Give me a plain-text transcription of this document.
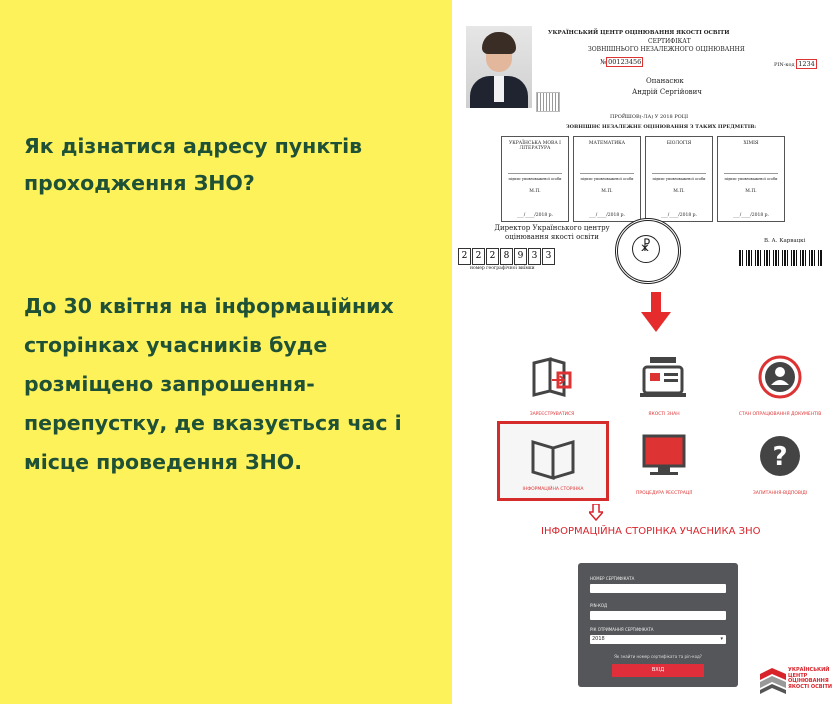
Як дізнатися адресу пунктів проходження ЗНО?

До 30 квітня на інформаційних сторінках учасників буде розміщено запрошення-перепустку, де вказується час і місце проведення ЗНО.

УКРАЇНСЬКИЙ ЦЕНТР ОЦІНЮВАННЯ ЯКОСТІ ОСВІТИ
СЕРТИФІКАТ
ЗОВНІШНЬОГО НЕЗАЛЕЖНОГО ОЦІНЮВАННЯ
№ 00123456	PIN-код 1234
Опанасюк
Андрій Сергійович
ПРОЙШОВ(-ЛА) У 2018 РОЦІ
ЗОВНІШНЄ НЕЗАЛЕЖНЕ ОЦІНЮВАННЯ З ТАКИХ ПРЕДМЕТІВ:
УКРАЇНСЬКА МОВА І ЛІТЕРАТУРА
підпис уповноваженої особи
М.П.
___/____/2018 р.
МАТЕМАТИКА
підпис уповноваженої особи
М.П.
___/____/2018 р.
БІОЛОГІЯ
підпис уповноваженої особи
М.П.
___/____/2018 р.
ХІМІЯ
підпис уповноваженої особи
М.П.
___/____/2018 р.
Директор Українського центру оцінювання якості освіти	В. А. Карвацкі
☧
2 2 2 8 9 3 3
номер географічної виїмки
ЗАРЕЄСТРУВАТИСЯ	ЯКОСТІ ЗНАН	СТАН ОПРАЦЮВАННЯ ДОКУМЕНТІВ
ІНФОРМАЦІЙНА СТОРІНКА
ПРОЦЕДУРА РЕЄСТРАЦІЇ
?
ЗАПИТАННЯ-ВІДПОВІДІ
ІНФОРМАЦІЙНА СТОРІНКА УЧАСНИКА ЗНО
НОМЕР СЕРТИФІКАТА
PIN-КОД
РІК ОТРИМАННЯ СЕРТИФІКАТА
2018	▾
Як знайти номер сертифіката та pin-код?
ВХІД	УКРАЇНСЬКИЙ
ЦЕНТР
ОЦІНЮВАННЯ
ЯКОСТІ ОСВІТИ
